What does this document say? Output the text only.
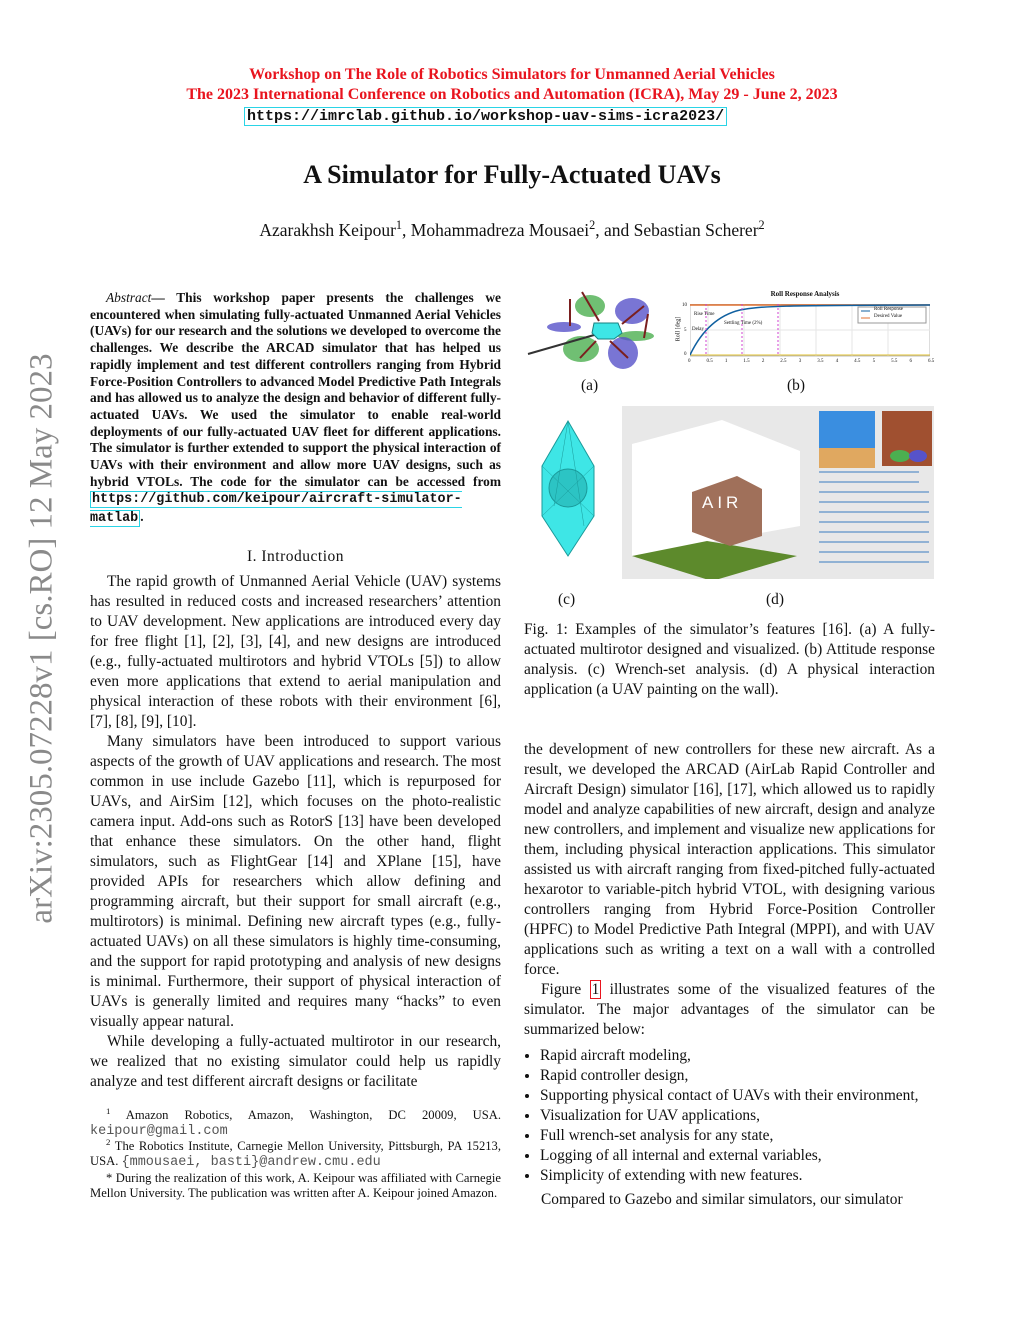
Workshop on The Role of Robotics Simulators for Unmanned Aerial Vehicles
The 2023 International Conference on Robotics and Automation (ICRA), May 29 - June 2, 2023
https://imrclab.github.io/workshop-uav-sims-icra2023/
A Simulator for Fully-Actuated UAVs
Azarakhsh Keipour$^1$, Mohammadreza Mousaei$^2$, and Sebastian Scherer$^2$
arXiv:2305.07228v1 [cs.RO] 12 May 2023

Abstract— This workshop paper presents the challenges we encountered when simulating fully-actuated Unmanned Aerial Vehicles (UAVs) for our research and the solutions we developed to overcome the challenges. We describe the ARCAD simulator that has helped us rapidly implement and test different controllers ranging from Hybrid Force-Position Controllers to advanced Model Predictive Path Integrals and has allowed us to analyze the design and behavior of different fully-actuated UAVs. We used the simulator to enable real-world deployments of our fully-actuated UAV fleet for different applications. The simulator is further extended to support the physical interaction of UAVs with their environment and allow more UAV designs, such as hybrid VTOLs. The code for the simulator can be accessed from https://github.com/keipour/aircraft-simulator-matlab .

I. Introduction

The rapid growth of Unmanned Aerial Vehicle (UAV) systems has resulted in reduced costs and increased researchers’ attention to UAV development. New applications are introduced every day for free flight [1], [2], [3], [4], and new designs are introduced (e.g., fully-actuated multirotors and hybrid VTOLs [5]) to allow even more applications that extend to aerial manipulation and physical interaction of these robots with their environment [6], [7], [8], [9], [10].

Many simulators have been introduced to support various aspects of the growth of UAV applications and research. The most common in use include Gazebo [11], which is repurposed for UAVs, and AirSim [12], which focuses on the photo-realistic camera input. Add-ons such as RotorS [13] have been developed that enhance these simulators. On the other hand, flight simulators, such as FlightGear [14] and XPlane [15], have provided APIs for researchers which allow defining and programming aircraft, but their support for small aircraft (e.g., multirotors) is minimal. Defining new aircraft types (e.g., fully-actuated UAVs) on all these simulators is highly time-consuming, and the support for rapid prototyping and analysis of new designs is minimal. Furthermore, their support of physical interaction of UAVs is generally limited and requires many “hacks” to even visually appear natural.

While developing a fully-actuated multirotor in our research, we realized that no existing simulator could help us rapidly analyze and test different aircraft designs or facilitate

$^1$ Amazon Robotics, Amazon, Washington, DC 20009, USA. keipour@gmail.com

$^2$ The Robotics Institute, Carnegie Mellon University, Pittsburgh, PA 15213, USA. {mmousaei, basti}@andrew.cmu.edu

* During the realization of this work, A. Keipour was affiliated with Carnegie Mellon University. The publication was written after A. Keipour joined Amazon.

(a)
Roll Response Analysis
Roll [deg]
Roll Response
Desired Value
Rise Time
Settling Time (2%)
Delay
10
5
0
0	0.5 1	1.5 2	2.5 3	3.5 4	4.5 5	5.5 6	6.5
(b)
(c)
AIR
(d)

Fig. 1: Examples of the simulator’s features [16]. (a) A fully-actuated multirotor designed and visualized. (b) Attitude response analysis. (c) Wrench-set analysis. (d) A physical interaction application (a UAV painting on the wall).

the development of new controllers for these new aircraft. As a result, we developed the ARCAD (AirLab Rapid Controller and Aircraft Design) simulator [16], [17], which allowed us to rapidly model and analyze capabilities of new aircraft, design and analyze new controllers, and implement and visualize new applications for them, including physical interaction applications. This simulator assisted us with aircraft ranging from fixed-pitched fully-actuated hexarotor to variable-pitch hybrid VTOL, with designing various controllers ranging from Hybrid Force-Position Controller (HPFC) to Model Predictive Path Integral (MPPI), and with UAV applications such as writing a text on a wall with a controlled force.

Figure 1 illustrates some of the visualized features of the simulator. The major advantages of the simulator can be summarized below:

• Rapid aircraft modeling,
• Rapid controller design,
• Supporting physical contact of UAVs with their environment,
• Visualization for UAV applications,
• Full wrench-set analysis for any state,
• Logging of all internal and external variables,
• Simplicity of extending with new features.

Compared to Gazebo and similar simulators, our simulator
